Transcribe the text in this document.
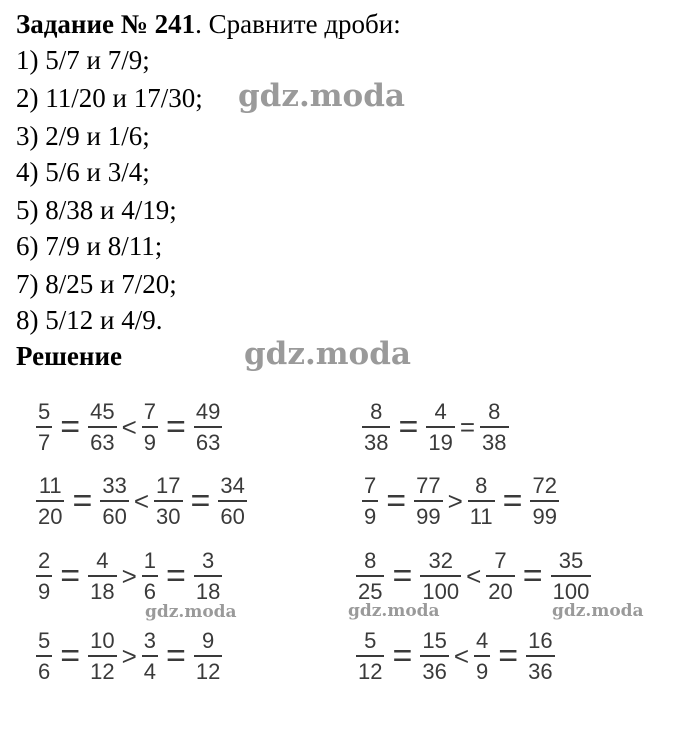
Задание № 241. Сравните дроби:
1) 5/7 и 7/9;
2) 11/20 и 17/30;
3) 2/9 и 1/6;
4) 5/6 и 3/4;
5) 8/38 и 4/19;
6) 7/9 и 8/11;
7) 8/25 и 7/20;
8) 5/12 и 4/9.
Решение
gdz.moda
gdz.moda
gdz.moda	gdz.moda	gdz.moda
$\frac{5}{7} = \frac{45}{63} < \frac{7}{9} = \frac{49}{63}$	$\frac{8}{38} = \frac{4}{19} = \frac{8}{38}$
$\frac{11}{20} = \frac{33}{60} < \frac{17}{30} = \frac{34}{60}$	$\frac{7}{9} = \frac{77}{99} > \frac{8}{11} = \frac{72}{99}$
$\frac{2}{9} = \frac{4}{18} > \frac{1}{6} = \frac{3}{18}$	$\frac{8}{25} = \frac{32}{100} < \frac{7}{20} = \frac{35}{100}$
$\frac{5}{6} = \frac{10}{12} > \frac{3}{4} = \frac{9}{12}$	$\frac{5}{12} = \frac{15}{36} < \frac{4}{9} = \frac{16}{36}$
